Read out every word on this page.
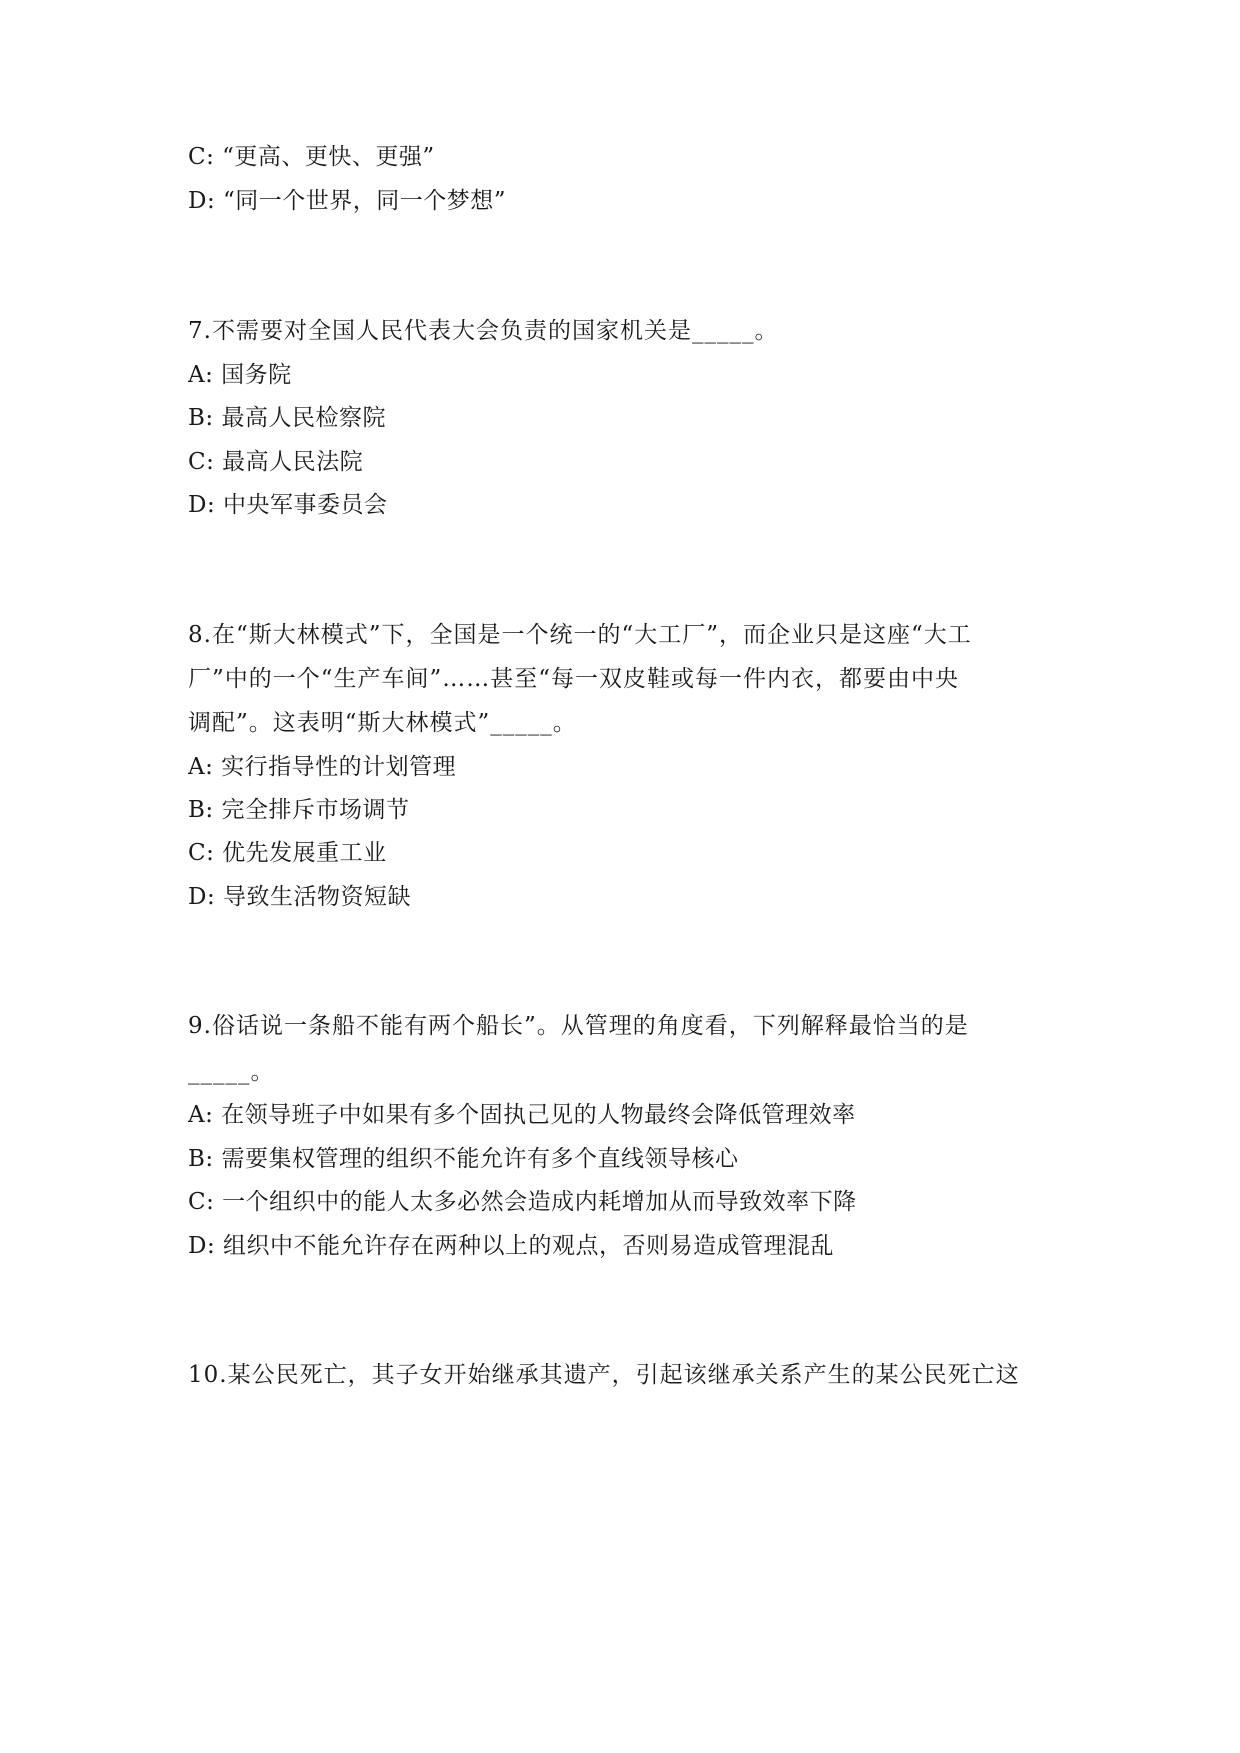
C: “更高、更快、更强”
D: “同一个世界，同一个梦想”
7.不需要对全国人民代表大会负责的国家机关是_____。
A: 国务院
B: 最高人民检察院
C: 最高人民法院
D: 中央军事委员会
8.在“斯大林模式”下，全国是一个统一的“大工厂”，而企业只是这座“大工
厂”中的一个“生产车间”……甚至“每一双皮鞋或每一件内衣，都要由中央
调配”。这表明“斯大林模式”_____。
A: 实行指导性的计划管理
B: 完全排斥市场调节
C: 优先发展重工业
D: 导致生活物资短缺
9.俗话说一条船不能有两个船长”。从管理的角度看，下列解释最恰当的是
_____。
A: 在领导班子中如果有多个固执己见的人物最终会降低管理效率
B: 需要集权管理的组织不能允许有多个直线领导核心
C: 一个组织中的能人太多必然会造成内耗增加从而导致效率下降
D: 组织中不能允许存在两种以上的观点，否则易造成管理混乱
10.某公民死亡，其子女开始继承其遗产，引起该继承关系产生的某公民死亡这
